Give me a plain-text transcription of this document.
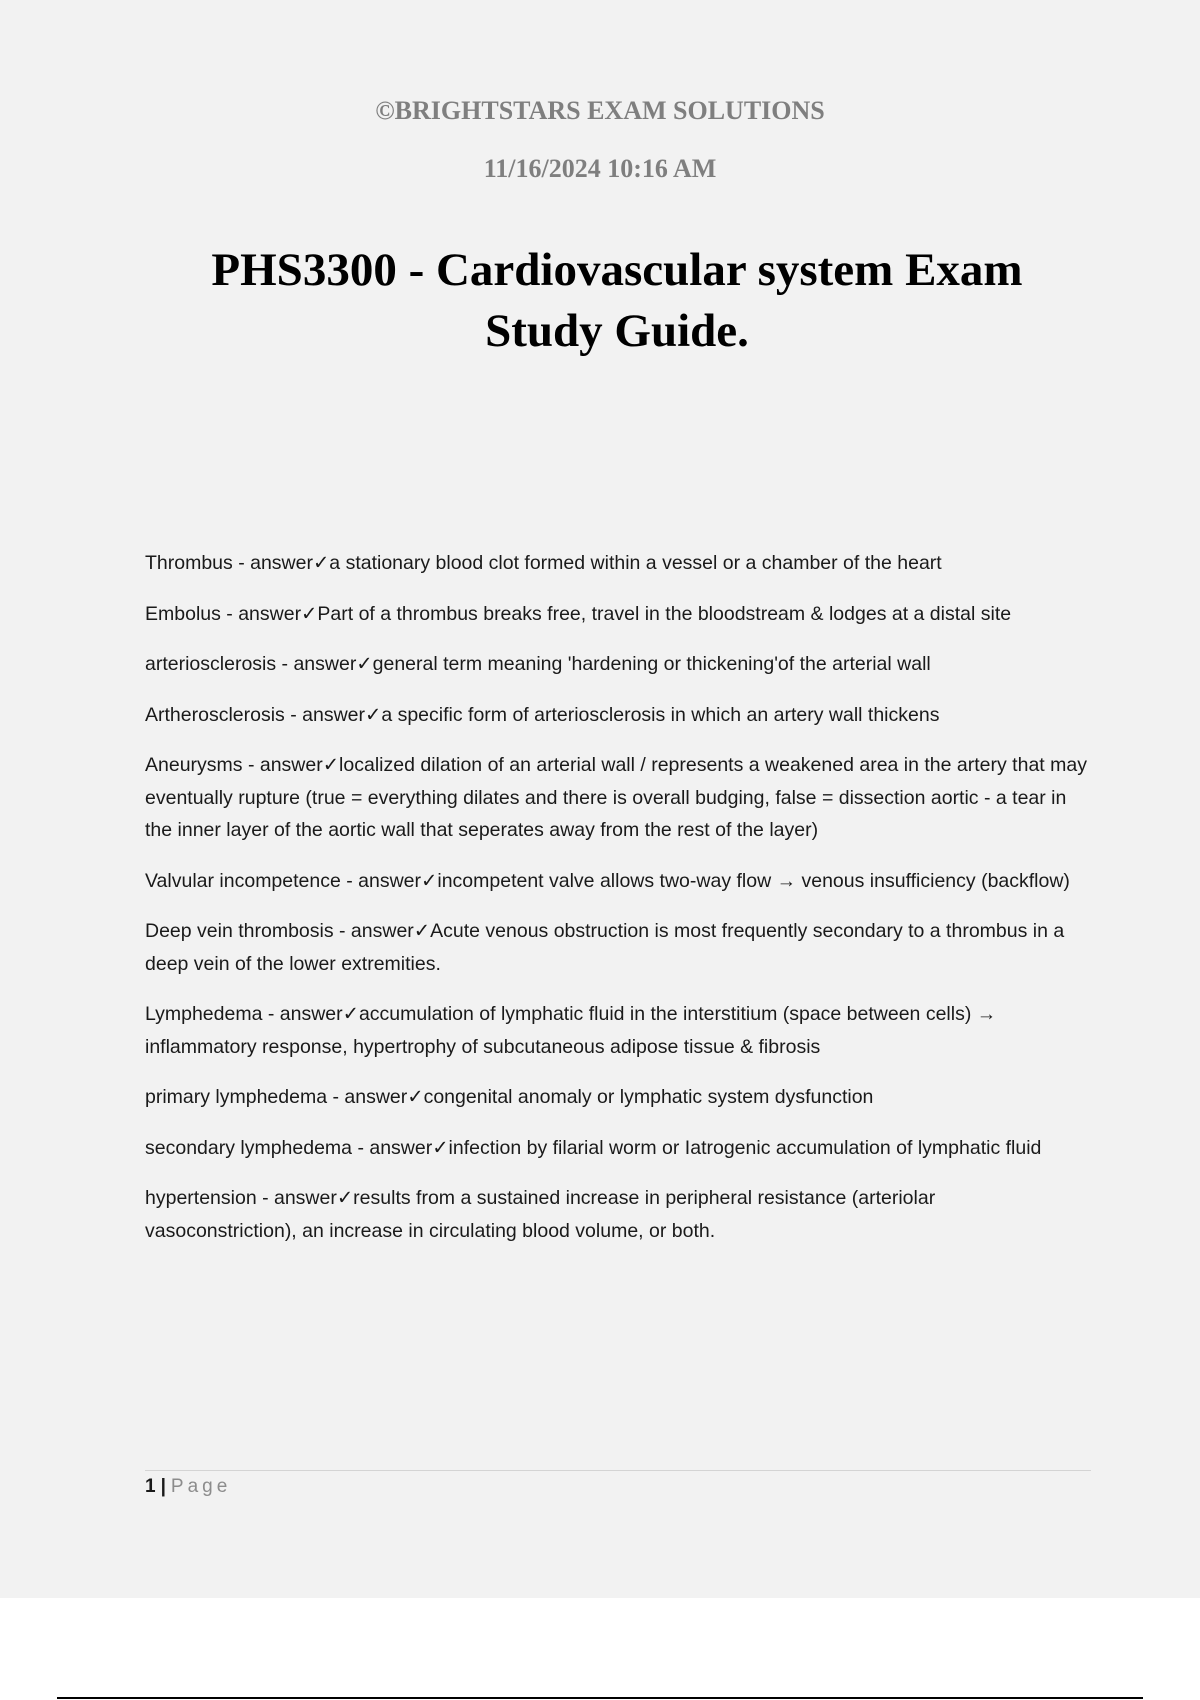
©BRIGHTSTARS EXAM SOLUTIONS
11/16/2024 10:16 AM
PHS3300 - Cardiovascular system Exam Study Guide.
Thrombus - answer✓a stationary blood clot formed within a vessel or a chamber of the heart
Embolus - answer✓Part of a thrombus breaks free, travel in the bloodstream & lodges at a distal site
arteriosclerosis - answer✓general term meaning 'hardening or thickening'of the arterial wall
Artherosclerosis - answer✓a specific form of arteriosclerosis in which an artery wall thickens
Aneurysms - answer✓localized dilation of an arterial wall / represents a weakened area in the artery that may eventually rupture (true = everything dilates and there is overall budging, false = dissection aortic - a tear in the inner layer of the aortic wall that seperates away from the rest of the layer)
Valvular incompetence - answer✓incompetent valve allows two-way flow → venous insufficiency (backflow)
Deep vein thrombosis - answer✓Acute venous obstruction is most frequently secondary to a thrombus in a deep vein of the lower extremities.
Lymphedema - answer✓accumulation of lymphatic fluid in the interstitium (space between cells) → inflammatory response, hypertrophy of subcutaneous adipose tissue & fibrosis
primary lymphedema - answer✓congenital anomaly or lymphatic system dysfunction
secondary lymphedema - answer✓infection by filarial worm or Iatrogenic accumulation of lymphatic fluid
hypertension - answer✓results from a sustained increase in peripheral resistance (arteriolar vasoconstriction), an increase in circulating blood volume, or both.
1 | Page
